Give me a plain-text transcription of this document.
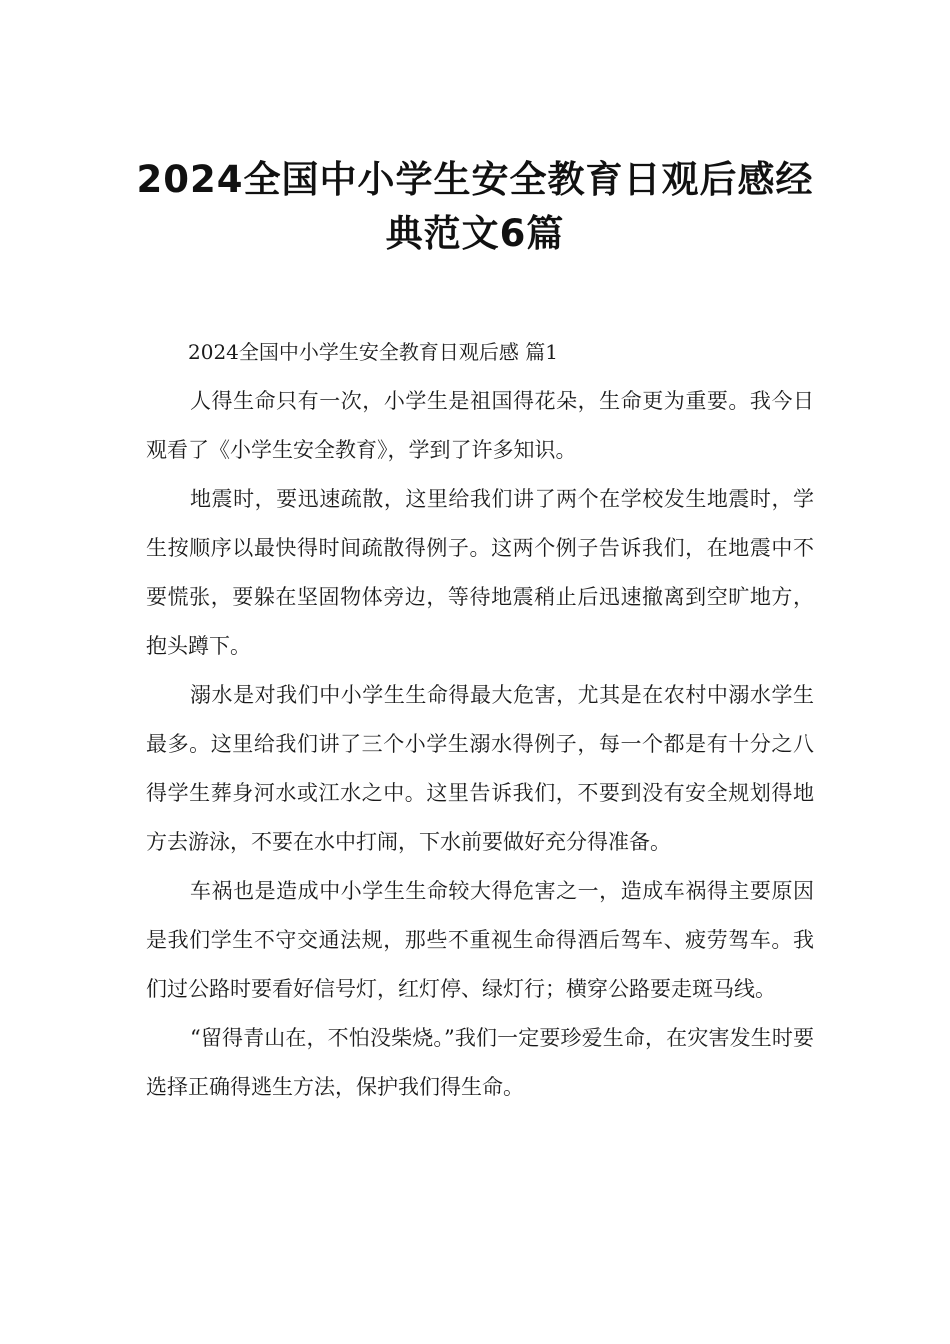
2024全国中小学生安全教育日观后感经
典范文6篇

2024全国中小学生安全教育日观后感 篇1

人得生命只有一次，小学生是祖国得花朵，生命更为重要。我今日观看了《小学生安全教育》，学到了许多知识。

地震时，要迅速疏散，这里给我们讲了两个在学校发生地震时，学生按顺序以最快得时间疏散得例子。这两个例子告诉我们，在地震中不要慌张，要躲在坚固物体旁边，等待地震稍止后迅速撤离到空旷地方，抱头蹲下。

溺水是对我们中小学生生命得最大危害，尤其是在农村中溺水学生最多。这里给我们讲了三个小学生溺水得例子，每一个都是有十分之八得学生葬身河水或江水之中。这里告诉我们，不要到没有安全规划得地方去游泳，不要在水中打闹，下水前要做好充分得准备。

车祸也是造成中小学生生命较大得危害之一，造成车祸得主要原因是我们学生不守交通法规，那些不重视生命得酒后驾车、疲劳驾车。我们过公路时要看好信号灯，红灯停、绿灯行；横穿公路要走斑马线。

“留得青山在，不怕没柴烧。”我们一定要珍爱生命，在灾害发生时要选择正确得逃生方法，保护我们得生命。
